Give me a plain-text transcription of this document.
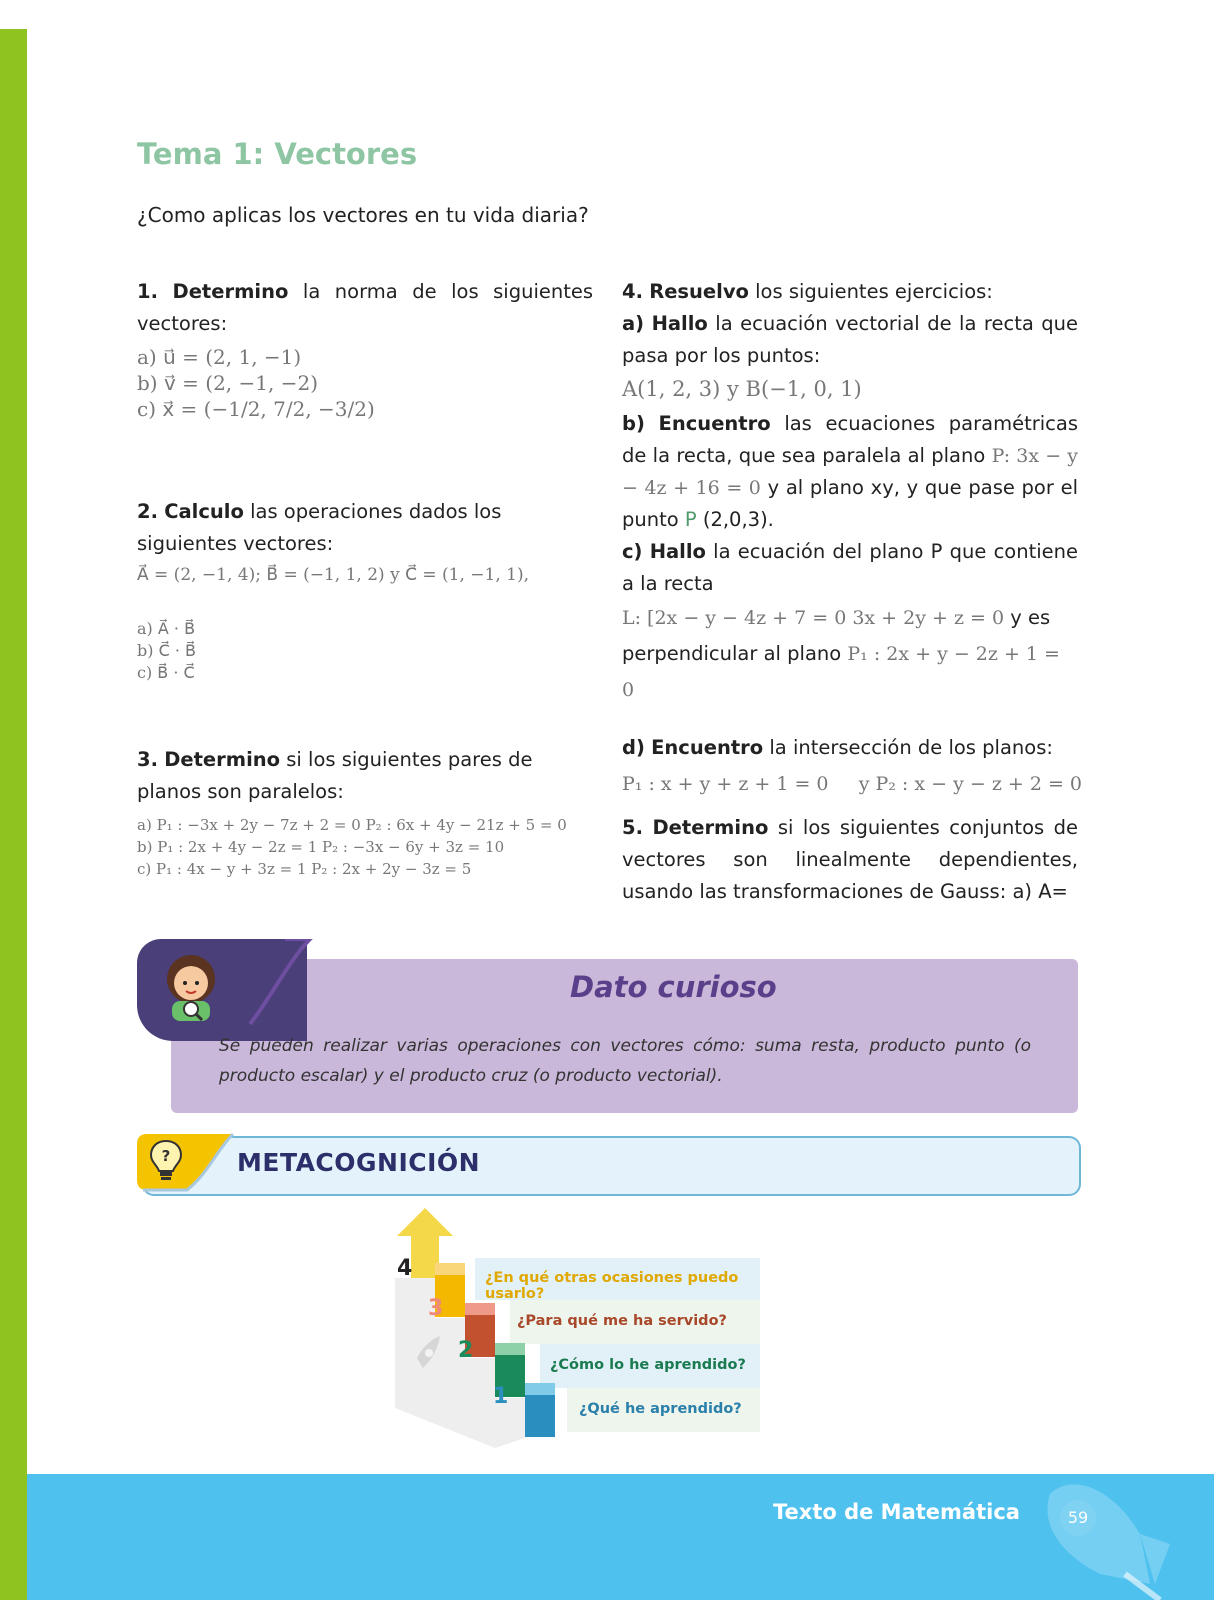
Tema 1: Vectores
¿Como aplicas los vectores en tu vida diaria?

1. Determino la norma de los siguientes vectores:

a) u⃗ = (2, 1, −1)
b) v⃗ = (2, −1, −2)
c) x⃗ = (−1/2, 7/2, −3/2)

2. Calculo las operaciones dados los siguientes vectores:

A⃗ = (2, −1, 4); B⃗ = (−1, 1, 2) y C⃗ = (1, −1, 1),
a) A⃗ · B⃗
b) C⃗ · B⃗
c) B⃗ · C⃗

3. Determino si los siguientes pares de planos son paralelos:

a) P₁ : −3x + 2y − 7z + 2 = 0 P₂ : 6x + 4y − 21z + 5 = 0
b) P₁ : 2x + 4y − 2z = 1 P₂ : −3x − 6y + 3z = 10
c) P₁ : 4x − y + 3z = 1 P₂ : 2x + 2y − 3z = 5

4. Resuelvo los siguientes ejercicios:

a) Hallo la ecuación vectorial de la recta que pasa por los puntos:

A(1, 2, 3) y B(−1, 0, 1)

b) Encuentro las ecuaciones paramétricas de la recta, que sea paralela al plano P: 3x − y − 4z + 16 = 0 y al plano xy, y que pase por el punto P (2,0,3).

c) Hallo la ecuación del plano P que contiene a la recta

L: [2x − y − 4z + 7 = 0 3x + 2y + z = 0 y es

perpendicular al plano P₁ : 2x + y − 2z + 1 = 0

d) Encuentro la intersección de los planos:

P₁ : x + y + z + 1 = 0     y P₂ : x − y − z + 2 = 0
5. Determino si los siguientes conjuntos de vectores son linealmente dependientes, usando las transformaciones de Gauss: a) A=
Dato curioso
Se pueden realizar varias operaciones con vectores cómo: suma resta, producto punto (o producto escalar) y el producto cruz (o producto vectorial).
?	METACOGNICIÓN
4
3
2
1
¿En qué otras ocasiones puedo usarlo?
¿Para qué me ha servido?
¿Cómo lo he aprendido?
¿Qué he aprendido?
Texto de Matemática	59
